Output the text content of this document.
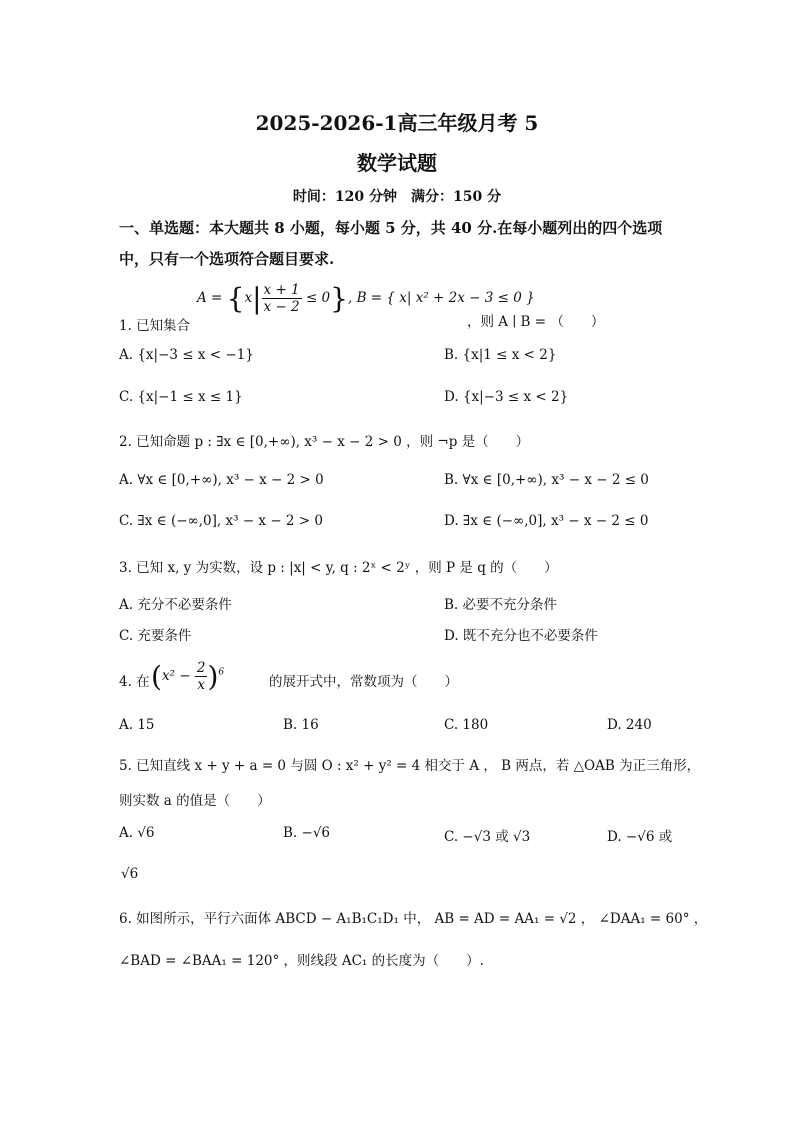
2025-2026-1高三年级月考 5
数学试题
时间：120 分钟　满分：150 分
一、单选题：本大题共 8 小题，每小题 5 分，共 40 分.在每小题列出的四个选项
中，只有一个选项符合题目要求.
1. 已知集合
$A = \{x| \frac{x + 1}{x - 2} \le 0\}$, B = { x| x² + 2x − 3 ≤ 0 }
，则 A ∣ B = （　　）
A. {x|−3 ≤ x < −1}	B. {x|1 ≤ x < 2}
C. {x|−1 ≤ x ≤ 1}	D. {x|−3 ≤ x < 2}
2. 已知命题 p : ∃x ∈ [0,+∞), x³ − x − 2 > 0 ，则 ¬p 是（　　）
A. ∀x ∈ [0,+∞), x³ − x − 2 > 0	B. ∀x ∈ [0,+∞), x³ − x − 2 ≤ 0
C. ∃x ∈ (−∞,0], x³ − x − 2 > 0	D. ∃x ∈ (−∞,0], x³ − x − 2 ≤ 0
3. 已知 x, y 为实数，设 p : |x| < y, q : 2ˣ < 2ʸ ，则 P 是 q 的（　　）
A. 充分不必要条件	B. 必要不充分条件
C. 充要条件	D. 既不充分也不必要条件
4. 在 $(x^2 - \frac{2}{x} )^6$
的展开式中，常数项为（　　）
A. 15	B. 16	C. 180	D. 240
5. 已知直线 x + y + a = 0 与圆 O : x² + y² = 4 相交于 A ， B 两点，若 △OAB 为正三角形，
则实数 a 的值是（　　）
A. √6	B. −√6	C. −√3 或 √3	D. −√6 或
√6
6. 如图所示，平行六面体 ABCD − A₁B₁C₁D₁ 中， AB = AD = AA₁ = √2 ， ∠DAA₁ = 60° ，
∠BAD = ∠BAA₁ = 120° ，则线段 AC₁ 的长度为（　　）.
